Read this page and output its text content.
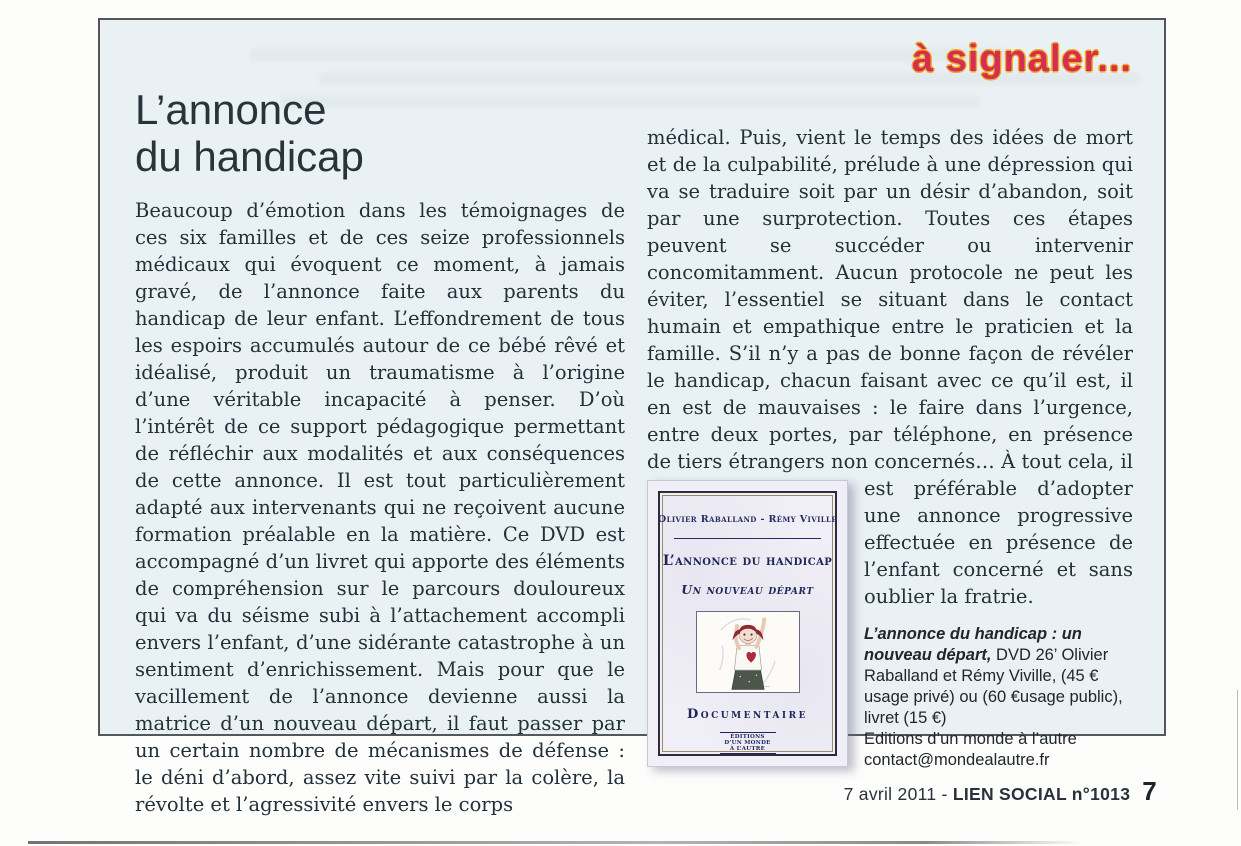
à signaler...
L’annonce
du handicap
Beaucoup d’émotion dans les témoignages de ces six familles et de ces seize professionnels médicaux qui évoquent ce moment, à jamais gravé, de l’annonce faite aux parents du handicap de leur enfant. L’effondrement de tous les espoirs accumulés autour de ce bébé rêvé et idéalisé, produit un traumatisme à l’origine d’une véritable incapacité à penser. D’où l’intérêt de ce support pédagogique permettant de réfléchir aux modalités et aux conséquences de cette annonce. Il est tout particulièrement adapté aux intervenants qui ne reçoivent aucune formation préalable en la matière. Ce DVD est accompagné d’un livret qui apporte des éléments de compréhension sur le parcours douloureux qui va du séisme subi à l’attachement accompli envers l’enfant, d’une sidérante catastrophe à un sentiment d’enrichissement. Mais pour que le vacillement de l’annonce devienne aussi la matrice d’un nouveau départ, il faut passer par un certain nombre de mécanismes de défense : le déni d’abord, assez vite suivi par la colère, la révolte et l’agressivité envers le corps
médical. Puis, vient le temps des idées de mort et de la culpabilité, prélude à une dépression qui va se traduire soit par un désir d’abandon, soit par une surprotection. Toutes ces étapes peuvent se succéder ou intervenir concomitamment. Aucun protocole ne peut les éviter, l’essentiel se situant dans le contact humain et empathique entre le praticien et la famille. S’il n’y a pas de bonne façon de révéler le handicap, chacun faisant avec ce qu’il est, il en est de mauvaises : le faire dans l’urgence, entre deux portes, par téléphone, en présence de tiers étrangers non concernés… À tout
Olivier Raballand - Rémy Viville
L’annonce du handicap
Un nouveau départ
Documentaire
ÉDITIONS
D’UN MONDE
À L’AUTRE
cela, il est préférable d’adopter une annonce progressive effectuée en présence de l’enfant concerné et sans oublier la fratrie.
L’annonce du handicap : un nouveau départ, DVD 26’ Olivier Raballand et Rémy Viville, (45 € usage privé) ou (60 €usage public), livret (15 €)
Editions d’un monde à l’autre
contact@mondealautre.fr
7 avril 2011 - LIEN SOCIAL n°1013 7
